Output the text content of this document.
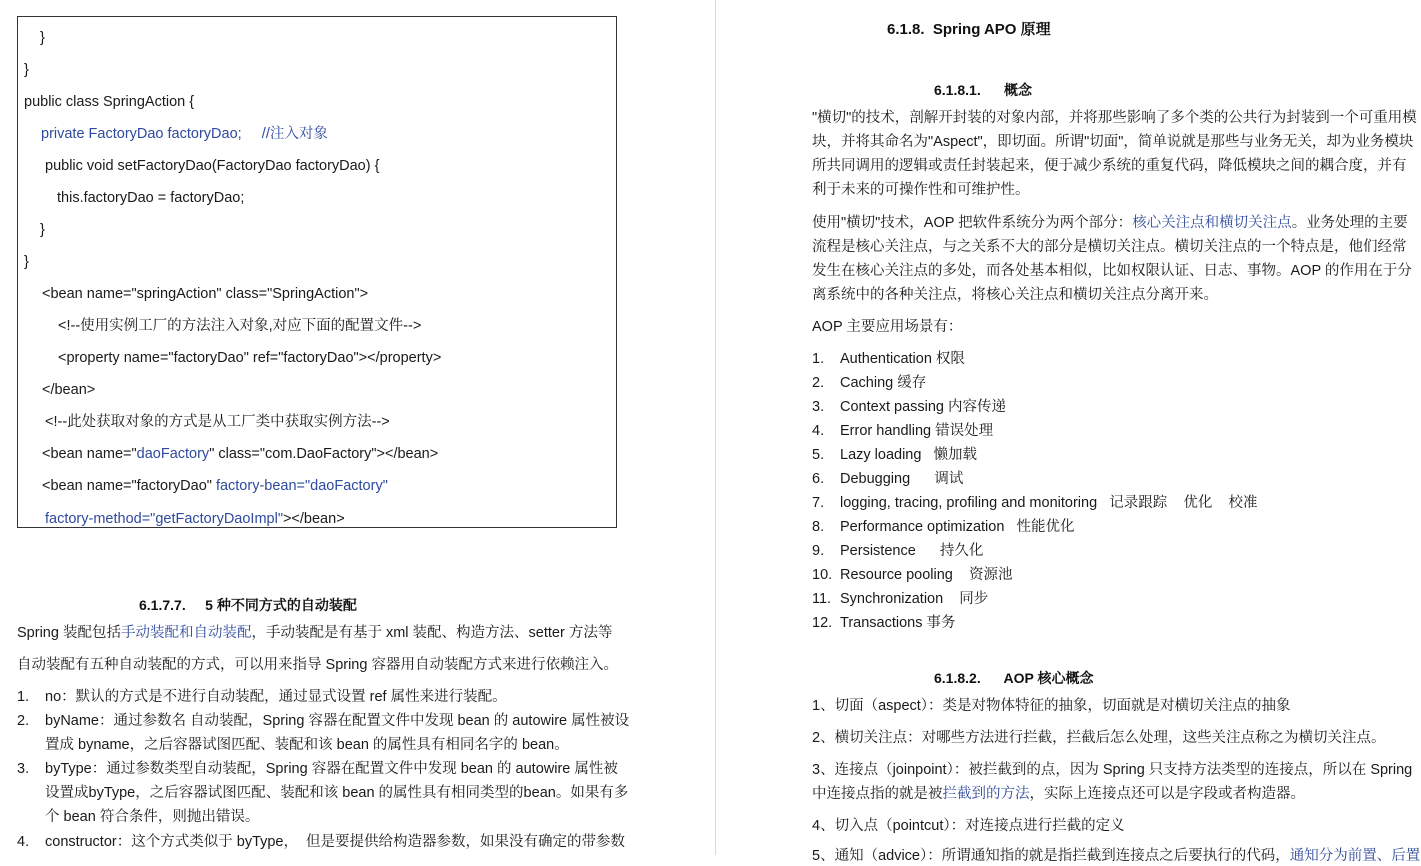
}
}
public class SpringAction {
private FactoryDao factoryDao;     //注入对象
public void setFactoryDao(FactoryDao factoryDao) {
this.factoryDao = factoryDao;
}
}
<bean name="springAction" class="SpringAction">
<!--使用实例工厂的方法注入对象,对应下面的配置文件-->
<property name="factoryDao" ref="factoryDao"></property>
</bean>
<!--此处获取对象的方式是从工厂类中获取实例方法-->
<bean name="daoFactory" class="com.DaoFactory"></bean>
<bean name="factoryDao" factory-bean="daoFactory"
factory-method="getFactoryDaoImpl"></bean>
6.1.7.7.     5 种不同方式的自动装配
Spring 装配包括手动装配和自动装配，手动装配是有基于 xml 装配、构造方法、setter 方法等
自动装配有五种自动装配的方式，可以用来指导 Spring 容器用自动装配方式来进行依赖注入。
1. no：默认的方式是不进行自动装配，通过显式设置 ref 属性来进行装配。
2. byName：通过参数名 自动装配，Spring 容器在配置文件中发现 bean 的 autowire 属性被设
置成 byname，之后容器试图匹配、装配和该 bean 的属性具有相同名字的 bean。
3. byType：通过参数类型自动装配，Spring 容器在配置文件中发现 bean 的 autowire 属性被
设置成byType，之后容器试图匹配、装配和该 bean 的属性具有相同类型的bean。如果有多
个 bean 符合条件，则抛出错误。
4. constructor：这个方式类似于 byType，  但是要提供给构造器参数，如果没有确定的带参数
6.1.8.  Spring APO 原理
6.1.8.1.      概念
"横切"的技术，剖解开封装的对象内部，并将那些影响了多个类的公共行为封装到一个可重用模块，并将其命名为"Aspect"，即切面。所谓"切面"，简单说就是那些与业务无关，却为业务模块所共同调用的逻辑或责任封装起来，便于减少系统的重复代码，降低模块之间的耦合度，并有利于未来的可操作性和可维护性。
使用"横切"技术，AOP 把软件系统分为两个部分：核心关注点和横切关注点。业务处理的主要流程是核心关注点，与之关系不大的部分是横切关注点。横切关注点的一个特点是，他们经常发生在核心关注点的多处，而各处基本相似，比如权限认证、日志、事物。AOP 的作用在于分离系统中的各种关注点，将核心关注点和横切关注点分离开来。
AOP 主要应用场景有：
1. Authentication 权限
2. Caching 缓存
3. Context passing 内容传递
4. Error handling 错误处理
5. Lazy loading   懒加载
6. Debugging      调试
7. logging, tracing, profiling and monitoring   记录跟踪    优化    校准
8. Performance optimization   性能优化
9. Persistence      持久化
10. Resource pooling    资源池
11. Synchronization    同步
12. Transactions 事务
6.1.8.2.      AOP 核心概念
1、切面（aspect）：类是对物体特征的抽象，切面就是对横切关注点的抽象
2、横切关注点：对哪些方法进行拦截，拦截后怎么处理，这些关注点称之为横切关注点。
3、连接点（joinpoint）：被拦截到的点，因为 Spring 只支持方法类型的连接点，所以在 Spring
中连接点指的就是被拦截到的方法，实际上连接点还可以是字段或者构造器。
4、切入点（pointcut）：对连接点进行拦截的定义
5、通知（advice）：所谓通知指的就是指拦截到连接点之后要执行的代码，通知分为前置、后置
